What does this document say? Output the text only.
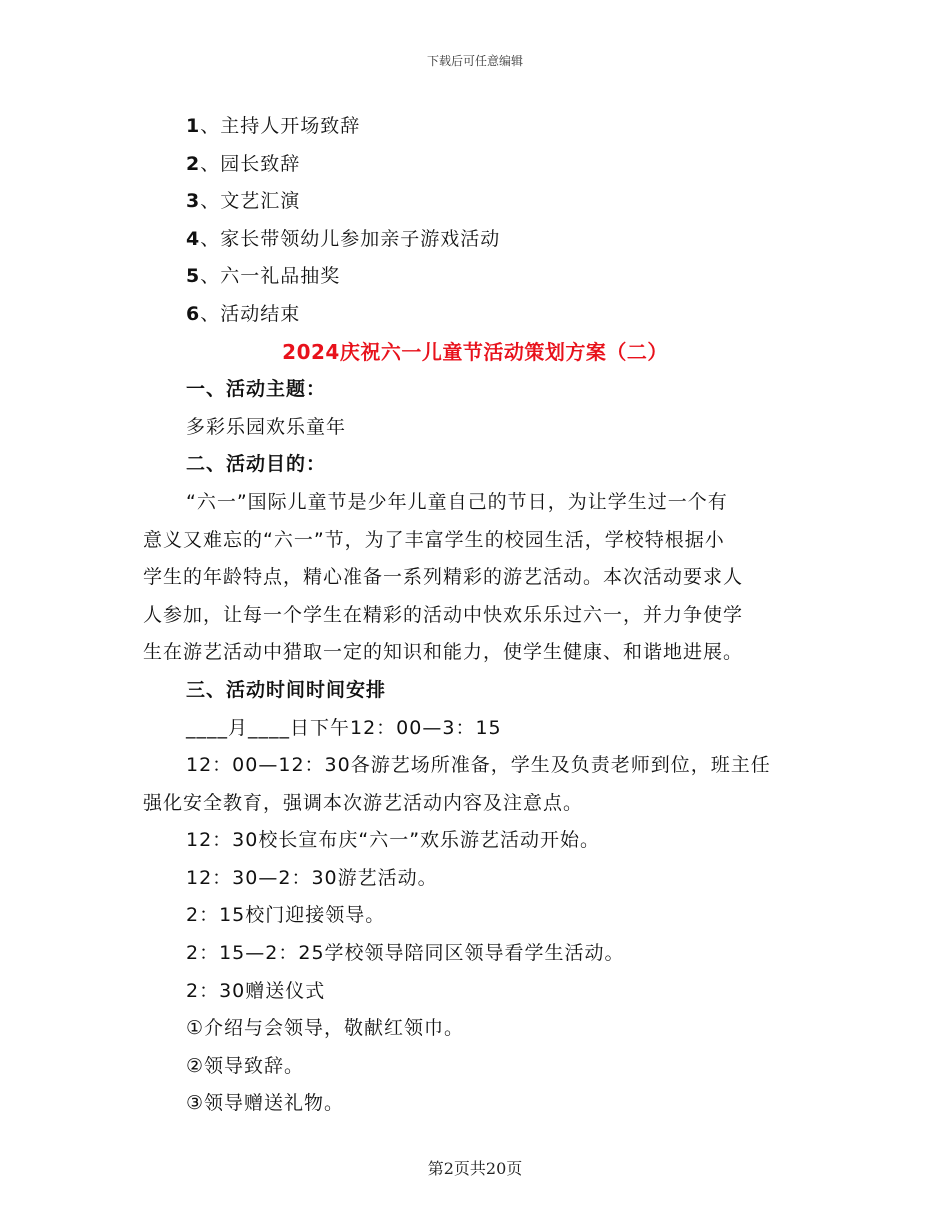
下载后可任意编辑
1、主持人开场致辞
2、园长致辞
3、文艺汇演
4、家长带领幼儿参加亲子游戏活动
5、六一礼品抽奖
6、活动结束
2024庆祝六一儿童节活动策划方案（二）
一、活动主题：
多彩乐园欢乐童年
二、活动目的：
“六一”国际儿童节是少年儿童自己的节日，为让学生过一个有
意义又难忘的“六一”节，为了丰富学生的校园生活，学校特根据小
学生的年龄特点，精心准备一系列精彩的游艺活动。本次活动要求人
人参加，让每一个学生在精彩的活动中快欢乐乐过六一，并力争使学
生在游艺活动中猎取一定的知识和能力，使学生健康、和谐地进展。
三、活动时间时间安排
____月____日下午12：00—3：15
12：00—12：30各游艺场所准备，学生及负责老师到位，班主任
强化安全教育，强调本次游艺活动内容及注意点。
12：30校长宣布庆“六一”欢乐游艺活动开始。
12：30—2：30游艺活动。
2：15校门迎接领导。
2：15—2：25学校领导陪同区领导看学生活动。
2：30赠送仪式
①介绍与会领导，敬献红领巾。
②领导致辞。
③领导赠送礼物。
第2页共20页
